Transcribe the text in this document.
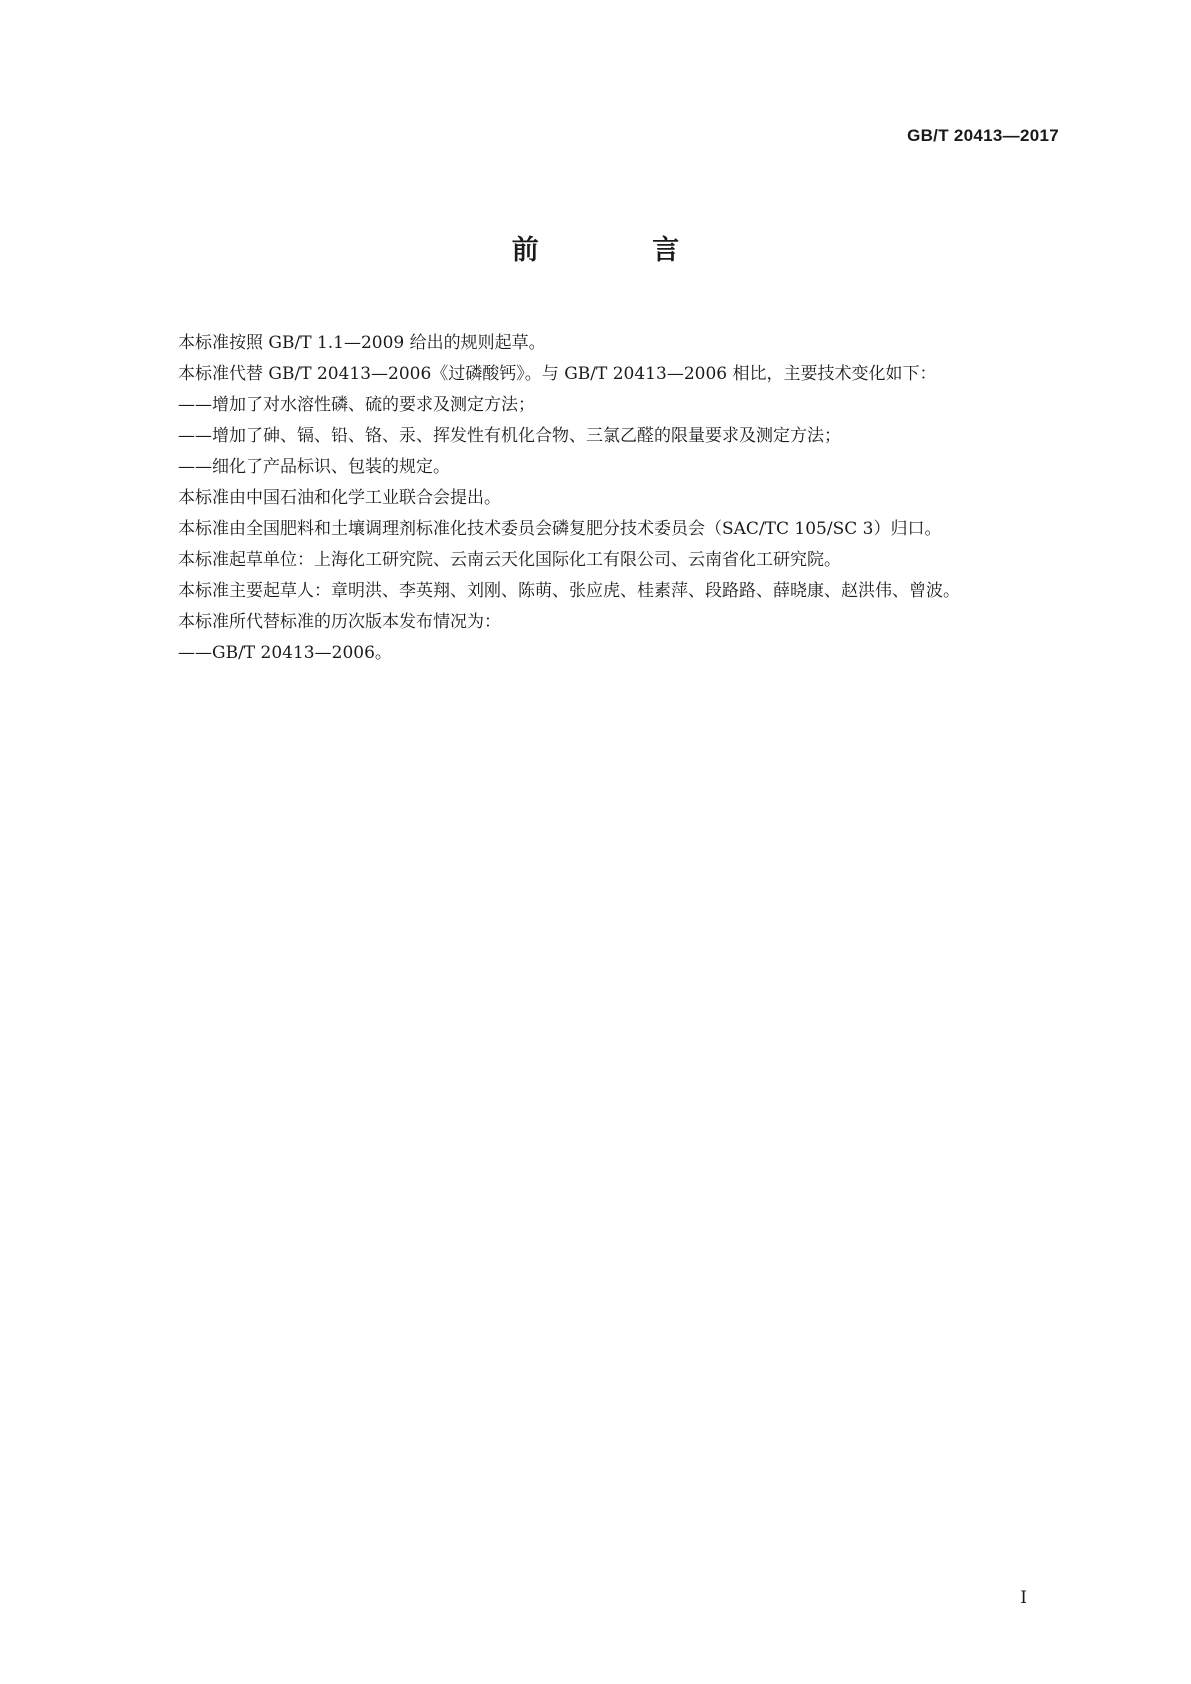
GB/T 20413—2017
前 言

本标准按照 GB/T 1.1—2009 给出的规则起草。

本标准代替 GB/T 20413—2006《过磷酸钙》。与 GB/T 20413—2006 相比，主要技术变化如下：

——增加了对水溶性磷、硫的要求及测定方法；

——增加了砷、镉、铅、铬、汞、挥发性有机化合物、三氯乙醛的限量要求及测定方法；

——细化了产品标识、包装的规定。

本标准由中国石油和化学工业联合会提出。

本标准由全国肥料和土壤调理剂标准化技术委员会磷复肥分技术委员会（SAC/TC 105/SC 3）归口。

本标准起草单位：上海化工研究院、云南云天化国际化工有限公司、云南省化工研究院。

本标准主要起草人：章明洪、李英翔、刘刚、陈萌、张应虎、桂素萍、段路路、薛晓康、赵洪伟、曾波。

本标准所代替标准的历次版本发布情况为：

——GB/T 20413—2006。

I
